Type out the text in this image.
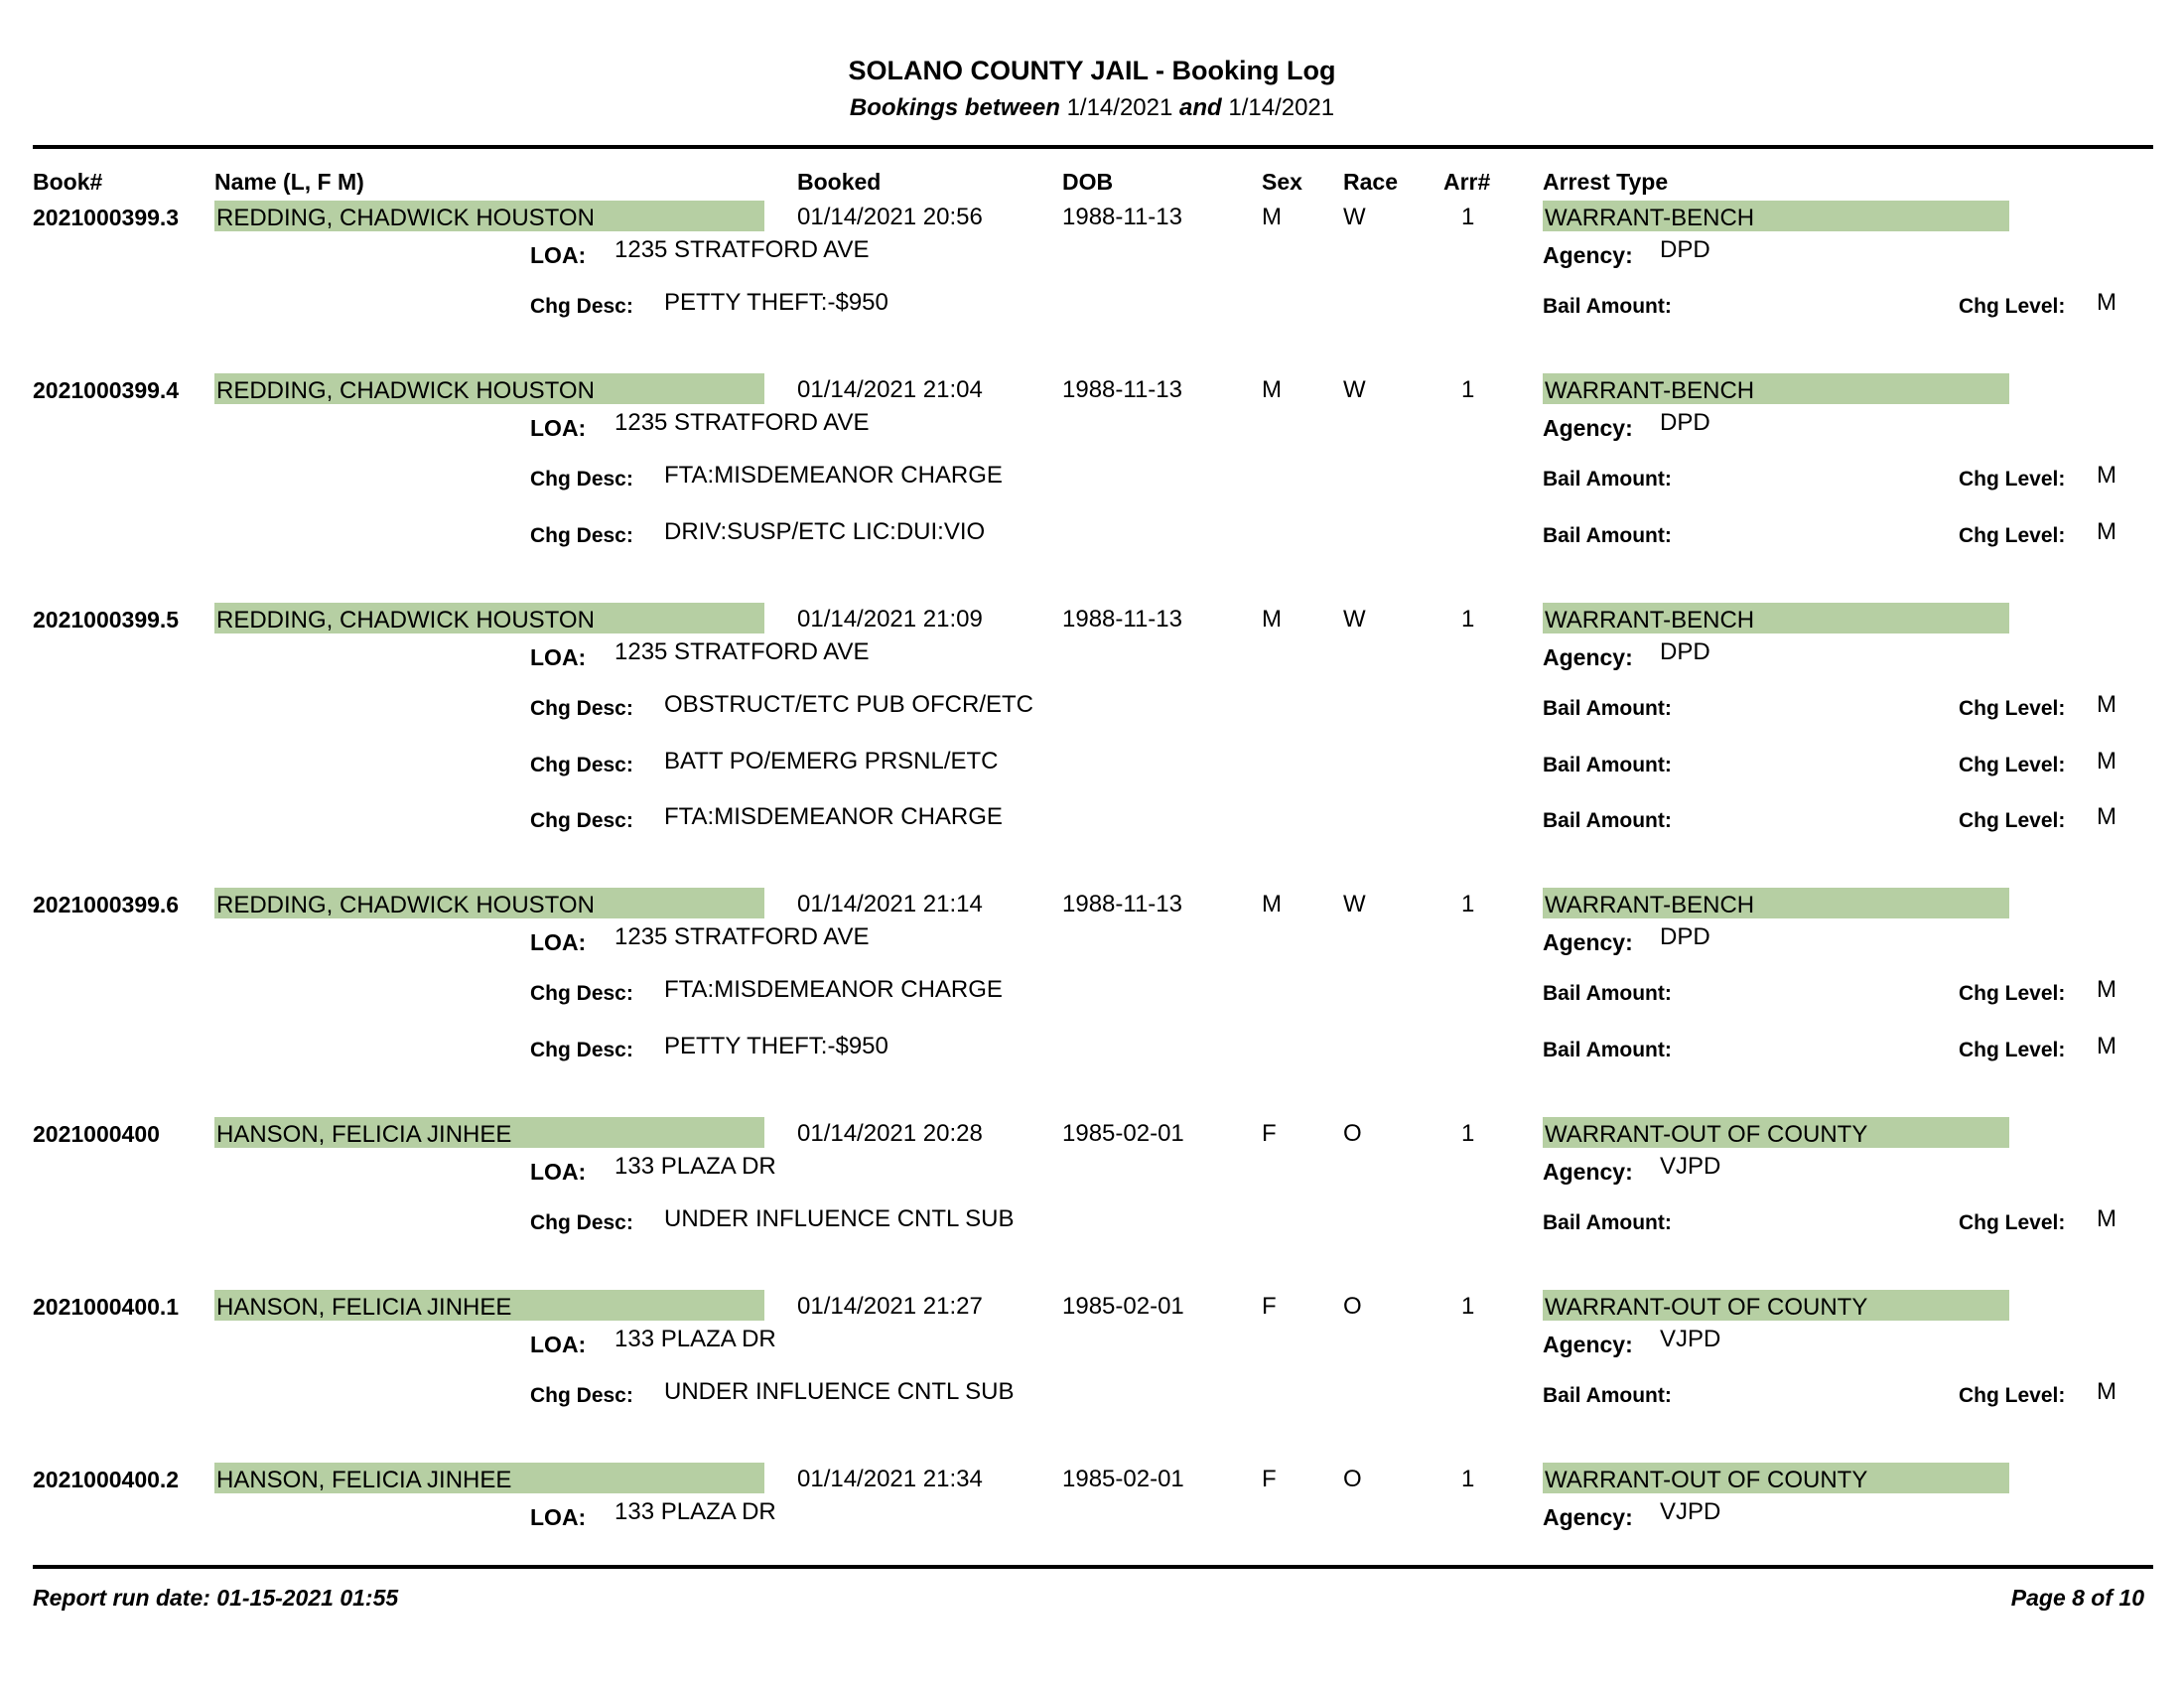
SOLANO COUNTY JAIL - Booking Log
Bookings between 1/14/2021 and 1/14/2021
Book#	Name (L, F M)	Booked	DOB	Sex Race Arr# Arrest Type
2021000399.3 REDDING, CHADWICK HOUSTON	01/14/2021 20:56	1988-11-13	M	W	1	WARRANT-BENCH
LOA: 1235 STRATFORD AVE	Agency: DPD
Chg Desc: PETTY THEFT:-$950	Bail Amount:	Chg Level: M
2021000399.4 REDDING, CHADWICK HOUSTON	01/14/2021 21:04	1988-11-13	M	W	1	WARRANT-BENCH
LOA: 1235 STRATFORD AVE	Agency: DPD
Chg Desc: FTA:MISDEMEANOR CHARGE	Bail Amount:	Chg Level: M
Chg Desc: DRIV:SUSP/ETC LIC:DUI:VIO	Bail Amount:	Chg Level: M
2021000399.5 REDDING, CHADWICK HOUSTON	01/14/2021 21:09	1988-11-13	M	W	1	WARRANT-BENCH
LOA: 1235 STRATFORD AVE	Agency: DPD
Chg Desc: OBSTRUCT/ETC PUB OFCR/ETC	Bail Amount:	Chg Level: M
Chg Desc: BATT PO/EMERG PRSNL/ETC	Bail Amount:	Chg Level: M
Chg Desc: FTA:MISDEMEANOR CHARGE	Bail Amount:	Chg Level: M
2021000399.6 REDDING, CHADWICK HOUSTON	01/14/2021 21:14	1988-11-13	M	W	1	WARRANT-BENCH
LOA: 1235 STRATFORD AVE	Agency: DPD
Chg Desc: FTA:MISDEMEANOR CHARGE	Bail Amount:	Chg Level: M
Chg Desc: PETTY THEFT:-$950	Bail Amount:	Chg Level: M
2021000400 HANSON, FELICIA JINHEE	01/14/2021 20:28	1985-02-01	F	O	1	WARRANT-OUT OF COUNTY
LOA: 133 PLAZA DR	Agency: VJPD
Chg Desc: UNDER INFLUENCE CNTL SUB	Bail Amount:	Chg Level: M
2021000400.1 HANSON, FELICIA JINHEE	01/14/2021 21:27	1985-02-01	F	O	1	WARRANT-OUT OF COUNTY
LOA: 133 PLAZA DR	Agency: VJPD
Chg Desc: UNDER INFLUENCE CNTL SUB	Bail Amount:	Chg Level: M
2021000400.2 HANSON, FELICIA JINHEE	01/14/2021 21:34	1985-02-01	F	O	1	WARRANT-OUT OF COUNTY
LOA: 133 PLAZA DR	Agency: VJPD
Report run date: 01-15-2021 01:55	Page 8 of 10
